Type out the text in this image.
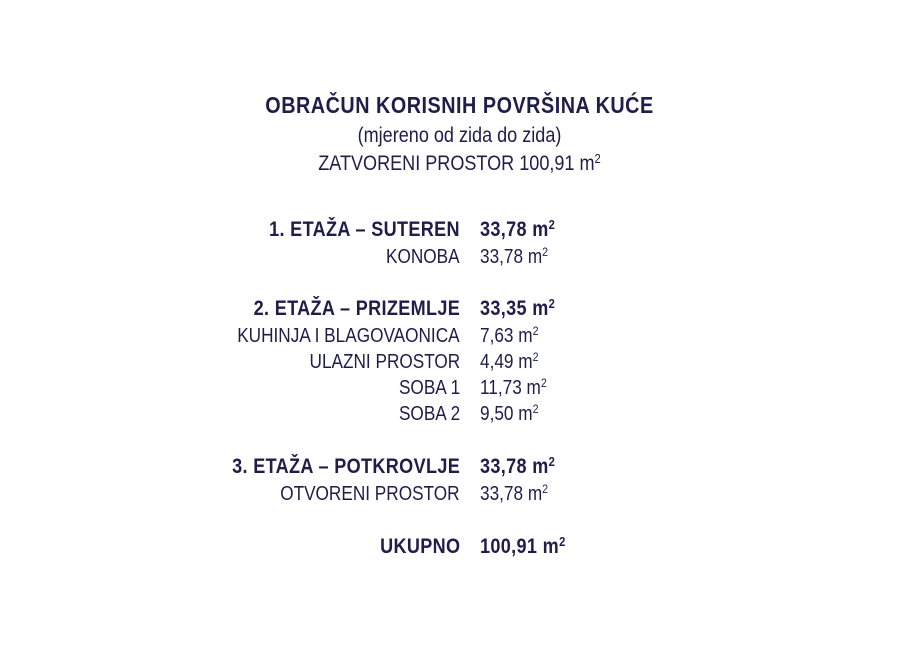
OBRAČUN KORISNIH POVRŠINA KUĆE
(mjereno od zida do zida)
ZATVORENI PROSTOR 100,91 $m^2$
1. ETAŽA – SUTEREN 33,78 $m^2$
KONOBA 33,78 $m^2$
2. ETAŽA – PRIZEMLJE 33,35 $m^2$
KUHINJA I BLAGOVAONICA 7,63 $m^2$
ULAZNI PROSTOR 4,49 $m^2$
SOBA 1 11,73 $m^2$
SOBA 2 9,50 $m^2$
3. ETAŽA – POTKROVLJE 33,78 $m^2$
OTVORENI PROSTOR 33,78 $m^2$
UKUPNO 100,91 $m^2$
